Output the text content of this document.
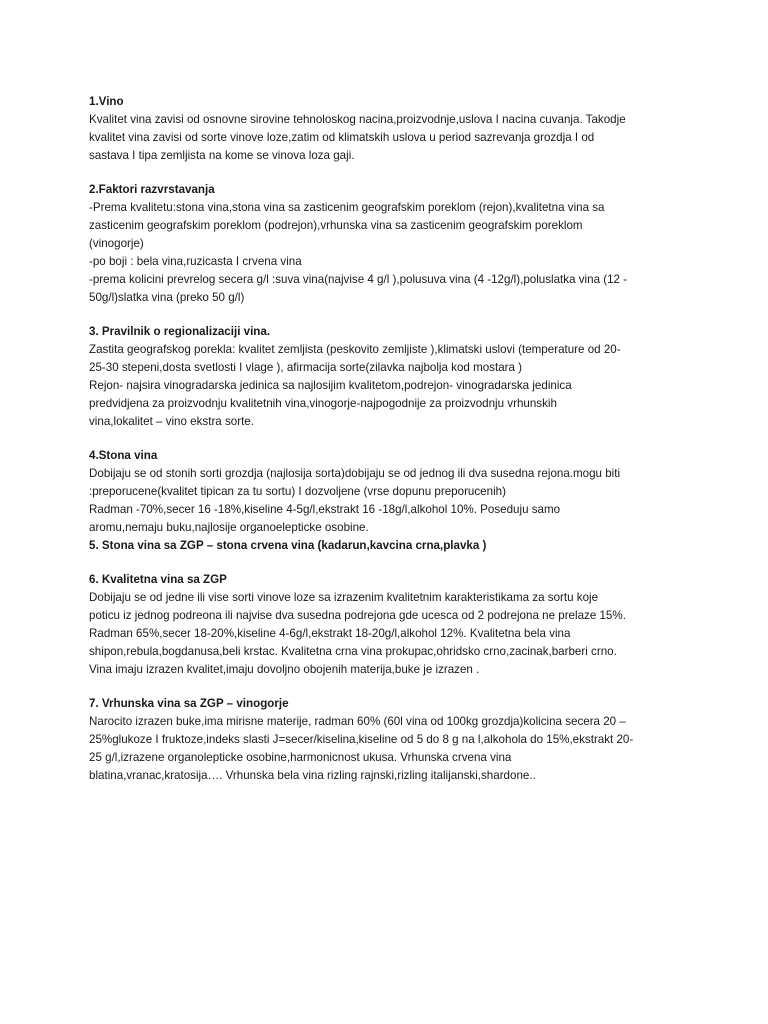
1.Vino
Kvalitet vina zavisi od osnovne sirovine tehnoloskog nacina,proizvodnje,uslova I nacina cuvanja. Takodje
kvalitet vina zavisi od sorte vinove loze,zatim od klimatskih uslova u period sazrevanja grozdja I od
sastava I tipa zemljista na kome se vinova loza gaji.
2.Faktori razvrstavanja
-Prema kvalitetu:stona vina,stona vina sa zasticenim geografskim poreklom (rejon),kvalitetna vina sa
zasticenim geografskim poreklom (podrejon),vrhunska vina sa zasticenim geografskim poreklom
(vinogorje)
-po boji : bela vina,ruzicasta I crvena vina
-prema kolicini prevrelog secera g/l :suva vina(najvise 4 g/l ),polusuva vina (4 -12g/l),poluslatka vina (12 -
50g/l)slatka vina (preko 50 g/l)
3. Pravilnik o regionalizaciji vina.
Zastita geografskog porekla: kvalitet zemljista (peskovito zemljiste ),klimatski uslovi (temperature od 20-
25-30 stepeni,dosta svetlosti I vlage ), afirmacija sorte(zilavka najbolja kod mostara )
Rejon- najsira vinogradarska jedinica sa najlosijim kvalitetom,podrejon- vinogradarska jedinica
predvidjena za proizvodnju kvalitetnih vina,vinogorje-najpogodnije za proizvodnju vrhunskih
vina,lokalitet – vino ekstra sorte.
4.Stona vina
Dobijaju se od stonih sorti grozdja (najlosija sorta)dobijaju se od jednog ili dva susedna rejona.mogu biti
:preporucene(kvalitet tipican za tu sortu) I dozvoljene (vrse dopunu preporucenih)
Radman -70%,secer 16 -18%,kiseline 4-5g/l,ekstrakt 16 -18g/l,alkohol 10%. Poseduju samo
aromu,nemaju buku,najlosije organoelepticke osobine.
5. Stona vina sa ZGP – stona crvena vina (kadarun,kavcina crna,plavka )
6. Kvalitetna vina sa ZGP
Dobijaju se od jedne ili vise sorti vinove loze sa izrazenim kvalitetnim karakteristikama za sortu koje
poticu iz jednog podreona ili najvise dva susedna podrejona gde ucesca od 2 podrejona ne prelaze 15%.
Radman 65%,secer 18-20%,kiseline 4-6g/l,ekstrakt 18-20g/l,alkohol 12%. Kvalitetna bela vina
shipon,rebula,bogdanusa,beli krstac. Kvalitetna crna vina prokupac,ohridsko crno,zacinak,barberi crno.
Vina imaju izrazen kvalitet,imaju dovoljno obojenih materija,buke je izrazen .
7. Vrhunska vina sa ZGP – vinogorje
Narocito izrazen buke,ima mirisne materije, radman 60% (60l vina od 100kg grozdja)kolicina secera 20 –
25%glukoze I fruktoze,indeks slasti J=secer/kiselina,kiseline od 5 do 8 g na l,alkohola do 15%,ekstrakt 20-
25 g/l,izrazene organolepticke osobine,harmonicnost ukusa. Vrhunska crvena vina
blatina,vranac,kratosija…. Vrhunska bela vina rizling rajnski,rizling italijanski,shardone..
